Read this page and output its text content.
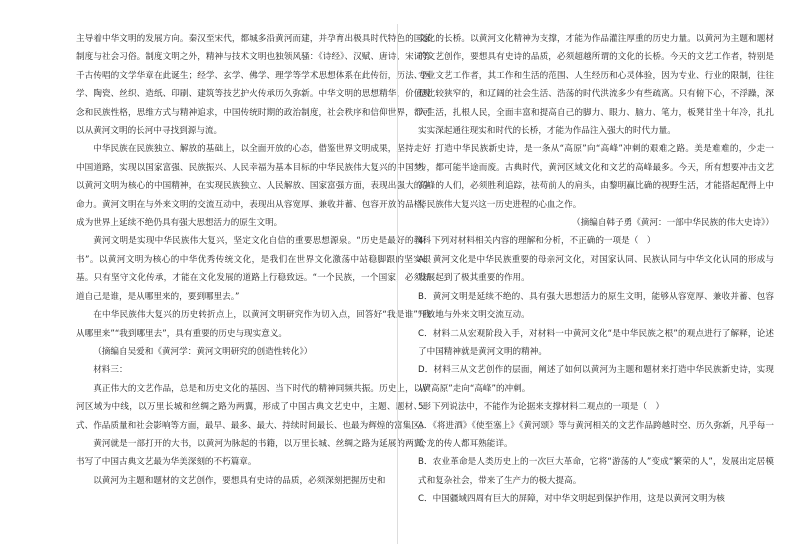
主导着中华文明的发展方向。秦汉至宋代，都城多沿黄河而建，并孕育出极具时代特色的国家制度与社会习俗。制度文明之外，精神与技术文明也独领风骚：《诗经》、汉赋、唐诗、宋词等千古传唱的文学华章在此诞生；经学、玄学、佛学、理学等学术思想体系在此传衍，历法、医学、陶瓷、丝织、造纸、印刷、建筑等技艺护火传承历久弥新。中华文明的思想精华，价值观念和民族性格，思维方式与精神追求，中国传统时期的政治制度，社会秩序和信仰世界，都可以从黄河文明的长河中寻找到源与流。

中华民族在民族独立、解放的基础上，以全面开放的心态，借鉴世界文明成果，坚持走好中国道路，实现以国家富强、民族振兴、人民幸福为基本目标的中华民族伟大复兴的中国梦。以黄河文明为核心的中国精神，在实现民族独立、人民解放、国家富强方面，表现出强大的生命力。黄河文明在与外来文明的交流互动中，表现出从容宽厚、兼收并蓄、包容开放的品格，成为世界上延续不绝仍具有强大思想活力的原生文明。

黄河文明是实现中华民族伟大复兴，坚定文化自信的重要思想源泉。“历史是最好的教科书”。以黄河文明为核心的中华优秀传统文化，是我们在世界文化激荡中站稳脚跟的坚实根基。只有坚守文化传承，才能在文化发展的道路上行稳致远。“一个民族，一个国家，必须知道自己是谁，是从哪里来的，要到哪里去。”

在中华民族伟大复兴的历史转折点上，以黄河文明研究作为切入点，回答好“我是谁”“我从哪里来”“我到哪里去”，具有重要的历史与现实意义。

（摘编自吴爱和《黄河学：黄河文明研究的创造性转化》）

材料三：

真正伟大的文艺作品，总是和历史文化的基因、当下时代的精神同频共振。历史上，以黄河区域为中线，以万里长城和丝绸之路为两翼，形成了中国古典文艺史中，主题、题材、形式、作品质量和社会影响等方面，最早、最多、最大、持续时间最长、也最为辉煌的富集区。

黄河就是一部打开的大书，以黄河为脉起的书籍，以万里长城、丝绸之路为延展的两翼，书写了中国古典文艺最为华美深刻的不朽篇章。

以黄河为主题和题材的文艺创作，要想具有史诗的品质，必须深刻把握历史和

文化的长桥。以黄河文化精神为支撑，才能为作品灌注厚重的历史力量。以黄河为主题和题材的文艺创作，要想具有史诗的品质，必须超越所谓的文化的长桥。今天的文艺工作者，特别是专业文艺工作者，其工作和生活的范围、人生经历和心灵体验，因为专业、行业的限制，往往是比较狭窄的，和辽阔的社会生活、浩荡的时代洪流多少有些疏离。只有俯下心，不浮躁，深入生活，扎根人民，全面丰富和提高自己的脚力、眼力、脑力、笔力，板凳甘坐十年冷，扎扎实实深起通往现实和时代的长桥，才能为作品注入强大的时代力量。

打造中华民族新史诗，是一条从“高原”向“高峰”冲刺的艰难之路。美是难难的，少走一步，都可能半途而废。古典时代，黄河区域文化和文艺的高峰最多。今天，所有想要冲击文艺高峰的人们，必须胜利追踪，祛苟前人的肩头，由黎明赢比确的视野生活，才能搭起配得上中华民族伟大复兴这一历史进程的心血之作。

（摘编自韩子勇《黄河：一部中华民族的伟大史诗》）

4．下列对材料相关内容的理解和分析，不正确的一项是（　）

A．黄河文化是中华民族重要的母亲河文化，对国家认同、民族认同与中华文化认同的形成与发展起到了极其重要的作用。

B．黄河文明是延续不绝的、具有强大思想活力的原生文明，能够从容宽厚、兼收并蓄、包容开放地与外来文明交流互动。

C．材料二从宏观阶段入手，对材料一中黄河文化“是中华民族之根”的观点进行了解释，论述了中国精神就是黄河文明的精神。

D．材料三从文艺创作的层面，阐述了如何以黄河为主题和题材来打造中华民族新史诗，实现从“高原”走向“高峰”的冲刺。

5．下列说法中，不能作为论据来支撑材料二观点的一项是（　）

A．《将进酒》《使至塞上》《黄河颂》等与黄河相关的文艺作品跨越时空、历久弥新，凡乎每一个龙的传人都耳熟能详。

B．农业革命是人类历史上的一次巨大革命，它将“游荡的人”变成“繁荣的人”，发展出定居模式和复杂社会，带来了生产力的极大提高。

C．中国疆域四周有巨大的屏障，对中华文明起到保护作用，这是以黄河文明为核
